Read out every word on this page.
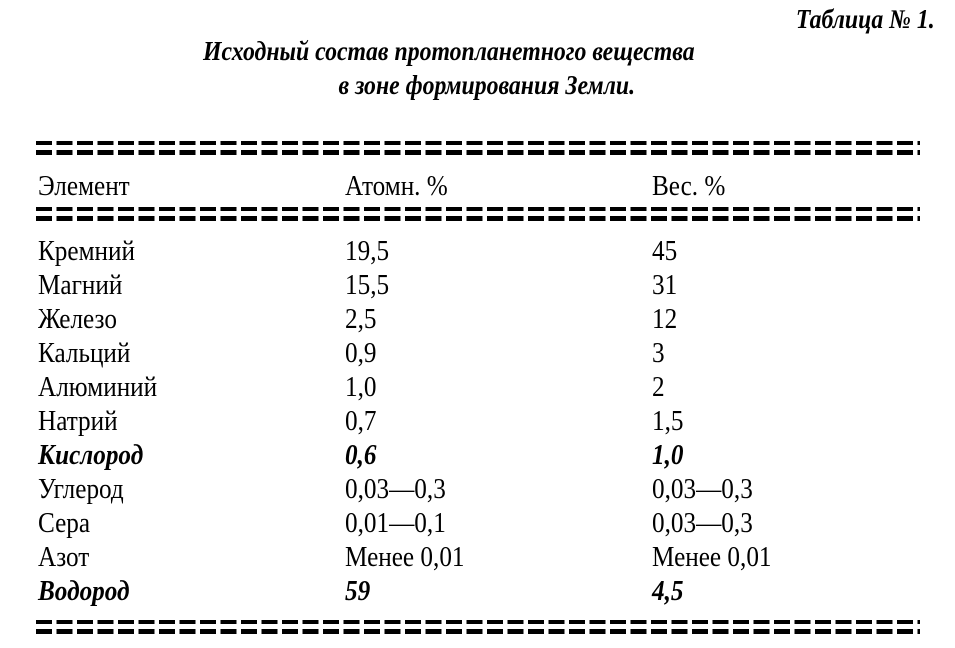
Таблица № 1.
Исходный состав протопланетного вещества
в зоне формирования Земли.
Элемент	Атомн. %	Вес. %
Кремний	19,5	45
Магний	15,5	31
Железо	2,5	12
Кальций	0,9	3
Алюминий	1,0	2
Натрий	0,7	1,5
Кислород	0,6	1,0
Углерод	0,03—0,3	0,03—0,3
Сера	0,01—0,1	0,03—0,3
Азот	Менее 0,01	Менее 0,01
Водород	59	4,5
